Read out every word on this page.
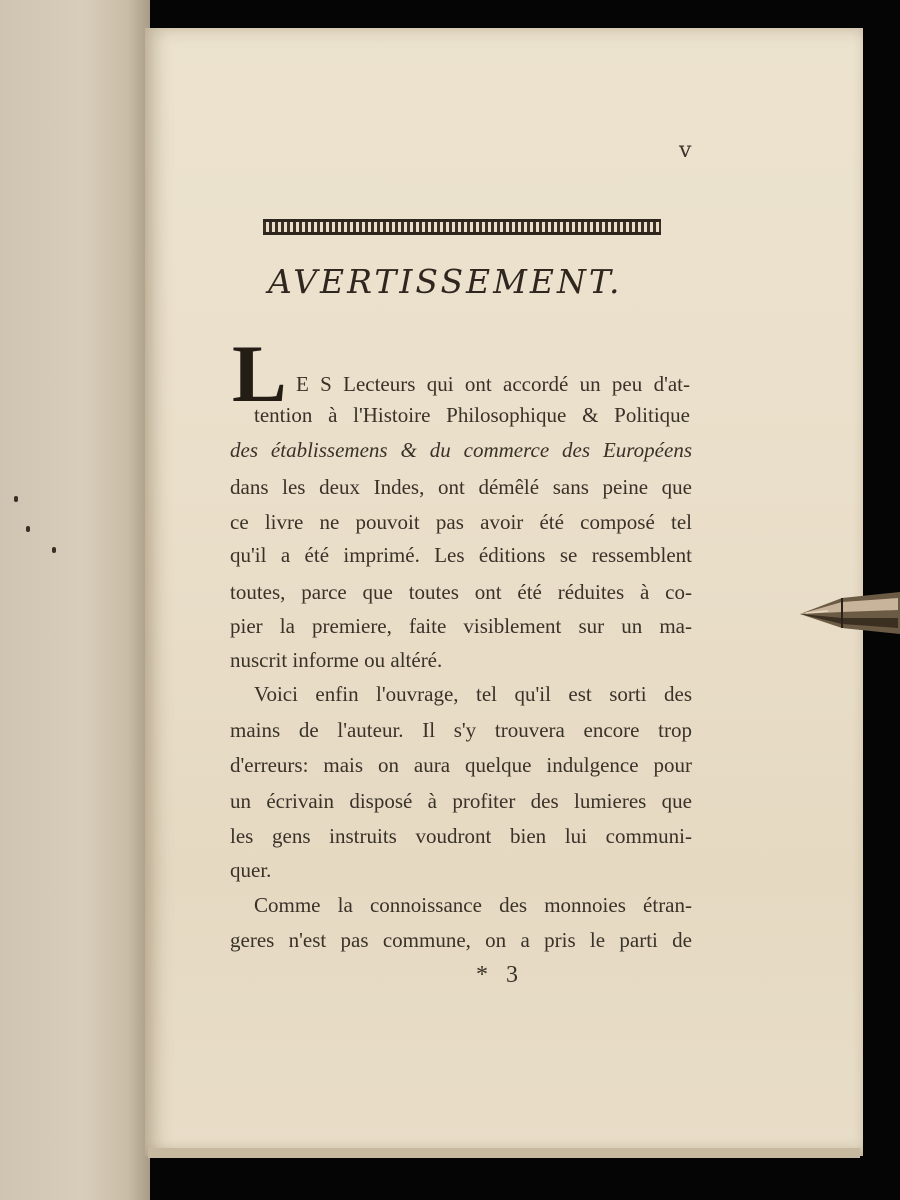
v
AVERTISSEMENT.
L E S Lecteurs qui ont accordé un peu d'at-
tention à l'Histoire Philosophique & Politique
des établissemens & du commerce des Européens
dans les deux Indes, ont démêlé sans peine que
ce livre ne pouvoit pas avoir été composé tel
qu'il a été imprimé. Les éditions se ressemblent
toutes, parce que toutes ont été réduites à co-
pier la premiere, faite visiblement sur un ma-
nuscrit informe ou altéré.
Voici enfin l'ouvrage, tel qu'il est sorti des
mains de l'auteur. Il s'y trouvera encore trop
d'erreurs: mais on aura quelque indulgence pour
un écrivain disposé à profiter des lumieres que
les gens instruits voudront bien lui communi-
quer.
Comme la connoissance des monnoies étran-
geres n'est pas commune, on a pris le parti de
* 3
